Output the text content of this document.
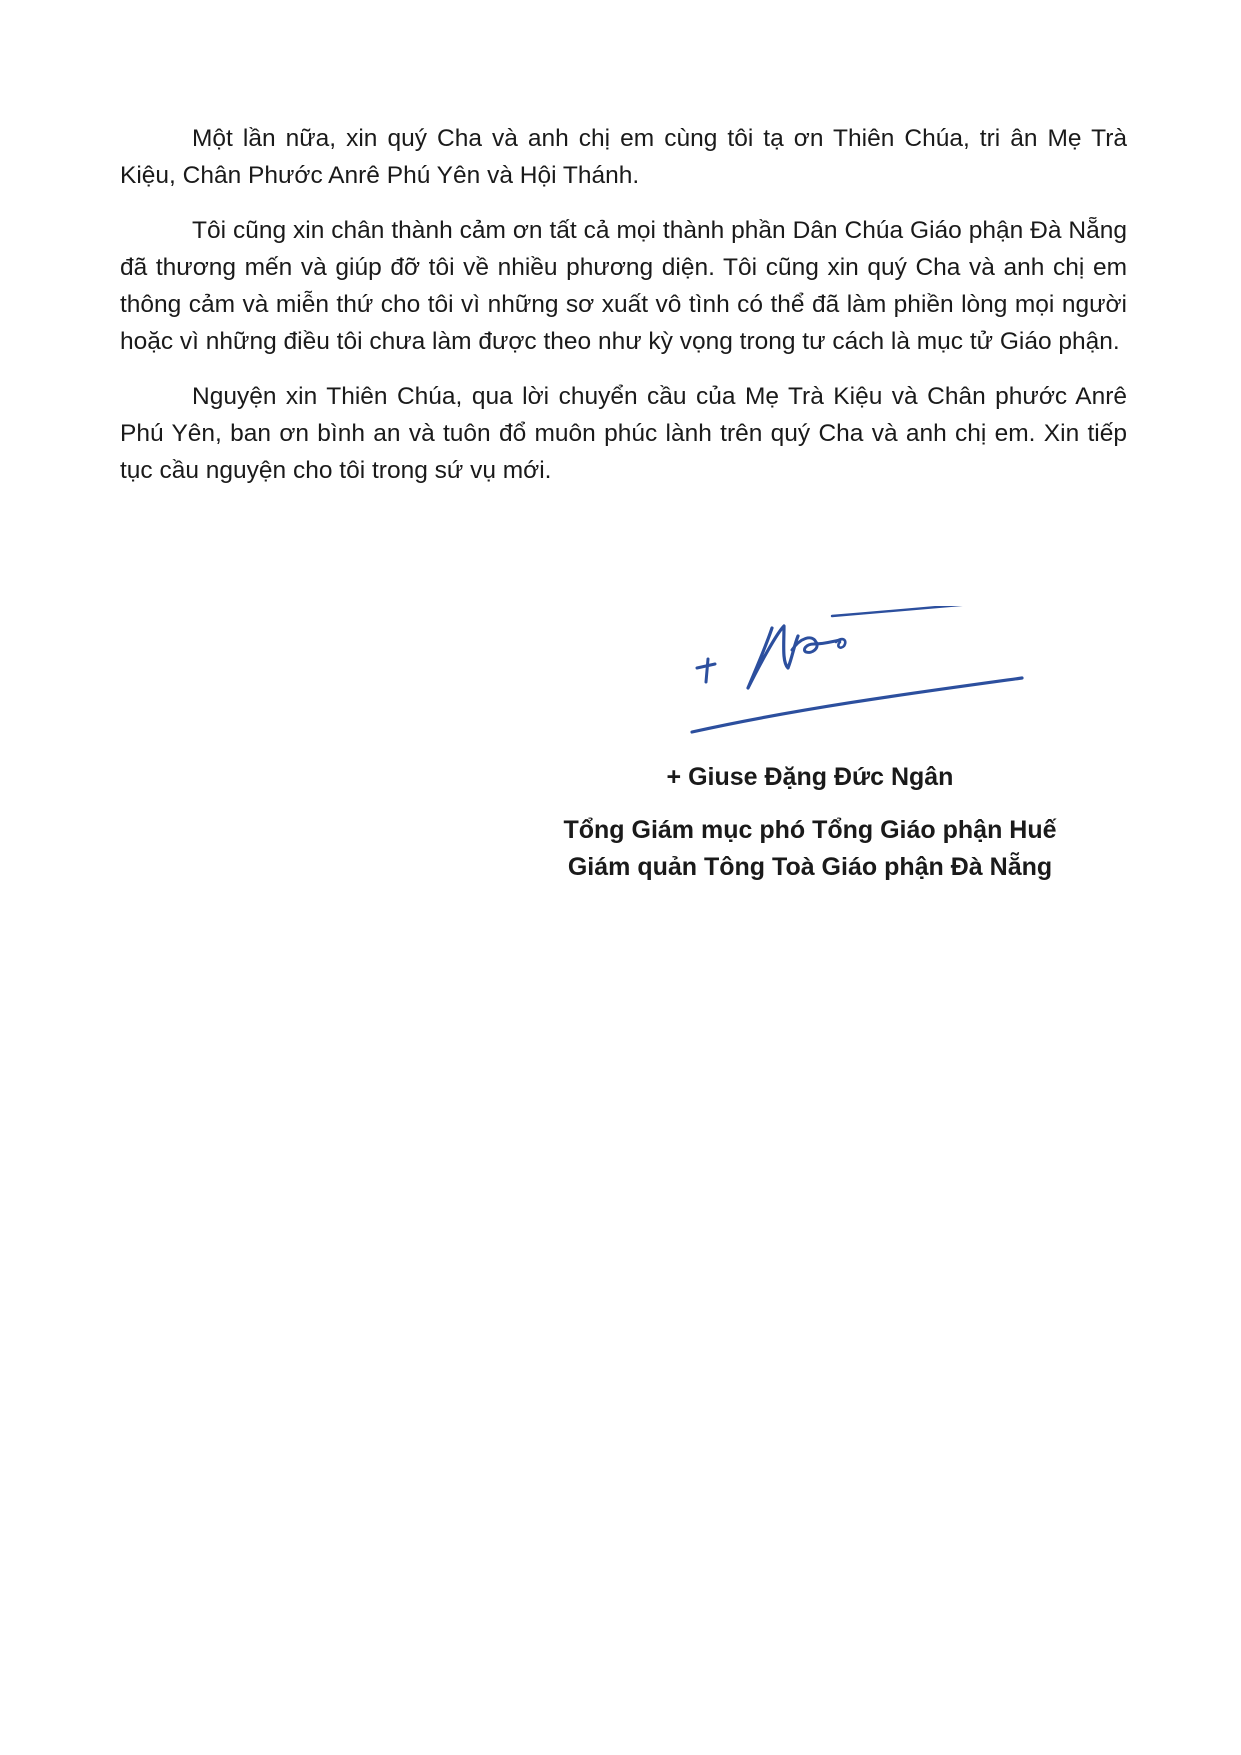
Một lần nữa, xin quý Cha và anh chị em cùng tôi tạ ơn Thiên Chúa, tri ân Mẹ Trà Kiệu, Chân Phước Anrê Phú Yên và Hội Thánh.

Tôi cũng xin chân thành cảm ơn tất cả mọi thành phần Dân Chúa Giáo phận Đà Nẵng đã thương mến và giúp đỡ tôi về nhiều phương diện. Tôi cũng xin quý Cha và anh chị em thông cảm và miễn thứ cho tôi vì những sơ xuất vô tình có thể đã làm phiền lòng mọi người hoặc vì những điều tôi chưa làm được theo như kỳ vọng trong tư cách là mục tử Giáo phận.

Nguyện xin Thiên Chúa, qua lời chuyển cầu của Mẹ Trà Kiệu và Chân phước Anrê Phú Yên, ban ơn bình an và tuôn đổ muôn phúc lành trên quý Cha và anh chị em. Xin tiếp tục cầu nguyện cho tôi trong sứ vụ mới.

+ Giuse Đặng Đức Ngân

Tổng Giám mục phó Tổng Giáo phận Huế

Giám quản Tông Toà Giáo phận Đà Nẵng
